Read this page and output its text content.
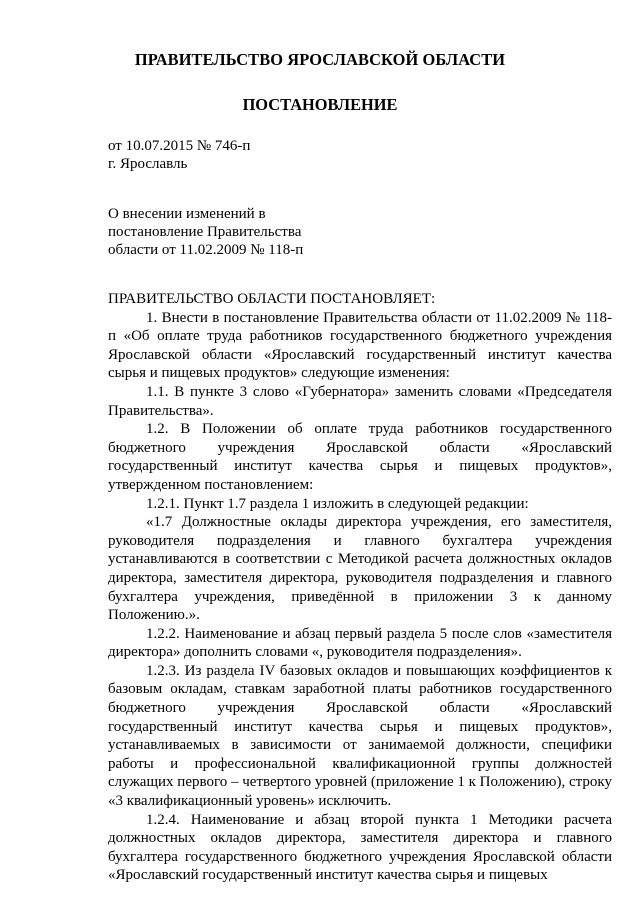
ПРАВИТЕЛЬСТВО ЯРОСЛАВСКОЙ ОБЛАСТИ
ПОСТАНОВЛЕНИЕ
от 10.07.2015 № 746-п
г. Ярославль
О внесении изменений в
постановление Правительства
области от 11.02.2009 № 118-п

ПРАВИТЕЛЬСТВО ОБЛАСТИ ПОСТАНОВЛЯЕТ:

1. Внести в постановление Правительства области от 11.02.2009 № 118-п «Об оплате труда работников государственного бюджетного учреждения Ярославской области «Ярославский государственный институт качества сырья и пищевых продуктов» следующие изменения:

1.1. В пункте 3 слово «Губернатора» заменить словами «Председателя Правительства».

1.2. В Положении об оплате труда работников государственного бюджетного учреждения Ярославской области «Ярославский государственный институт качества сырья и пищевых продуктов», утвержденном постановлением:

1.2.1. Пункт 1.7 раздела 1 изложить в следующей редакции:

«1.7 Должностные оклады директора учреждения, его заместителя, руководителя подразделения и главного бухгалтера учреждения устанавливаются в соответствии с Методикой расчета должностных окладов директора, заместителя директора, руководителя подразделения и главного бухгалтера учреждения, приведённой в приложении 3 к данному Положению.».

1.2.2. Наименование и абзац первый раздела 5 после слов «заместителя директора» дополнить словами «, руководителя подразделения».

1.2.3. Из раздела IV базовых окладов и повышающих коэффициентов к базовым окладам, ставкам заработной платы работников государственного бюджетного учреждения Ярославской области «Ярославский государственный институт качества сырья и пищевых продуктов», устанавливаемых в зависимости от занимаемой должности, специфики работы и профессиональной квалификационной группы должностей служащих первого – четвертого уровней (приложение 1 к Положению), строку «3 квалификационный уровень» исключить.

1.2.4. Наименование и абзац второй пункта 1 Методики расчета должностных окладов директора, заместителя директора и главного бухгалтера государственного бюджетного учреждения Ярославской области «Ярославский государственный институт качества сырья и пищевых
